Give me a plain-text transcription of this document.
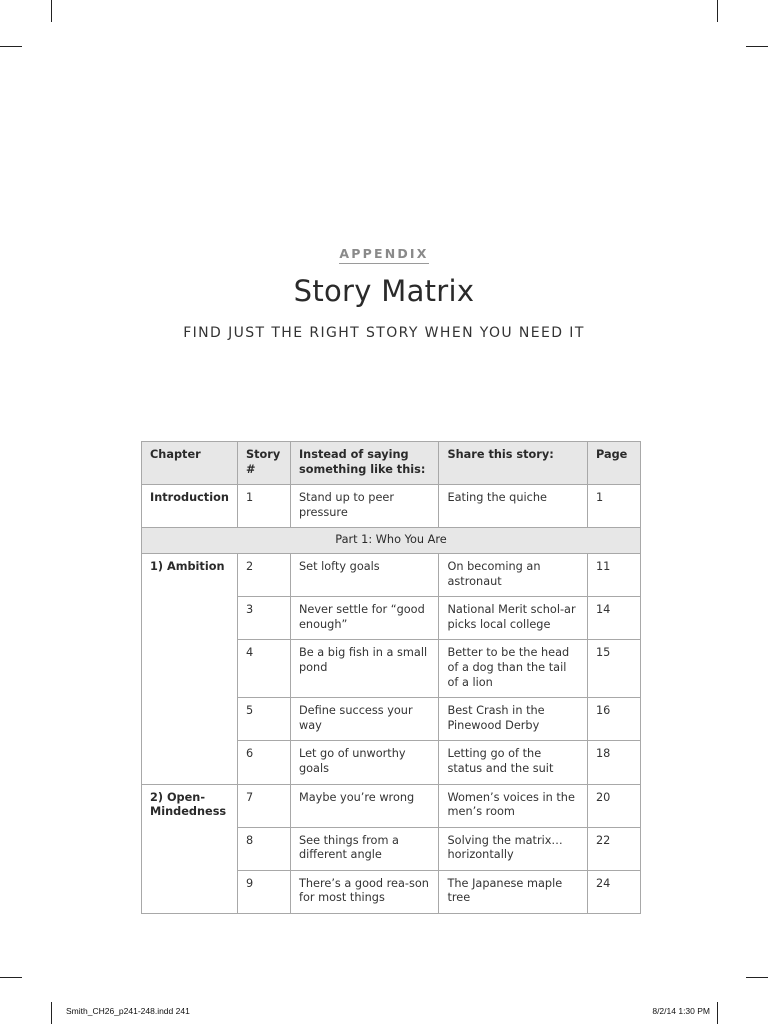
APPENDIX
Story Matrix
FIND JUST THE RIGHT STORY WHEN YOU NEED IT
Chapter	Story #	Instead of saying something like this:	Share this story:	Page
Introduction	1	Stand up to peer pressure	Eating the quiche	1
Part 1: Who You Are				
1) Ambition	2	Set lofty goals	On becoming an astronaut	11
	3	Never settle for “good enough”	National Merit schol-ar picks local college	14
	4	Be a big fish in a small pond	Better to be the head of a dog than the tail of a lion	15
	5	Define success your way	Best Crash in the Pinewood Derby	16
	6	Let go of unworthy goals	Letting go of the status and the suit	18
2) Open-Mindedness	7	Maybe you’re wrong	Women’s voices in the men’s room	20
	8	See things from a different angle	Solving the matrix… horizontally	22
	9	There’s a good rea-son for most things	The Japanese maple tree	24
Smith_CH26_p241-248.indd 241	8/2/14 1:30 PM
